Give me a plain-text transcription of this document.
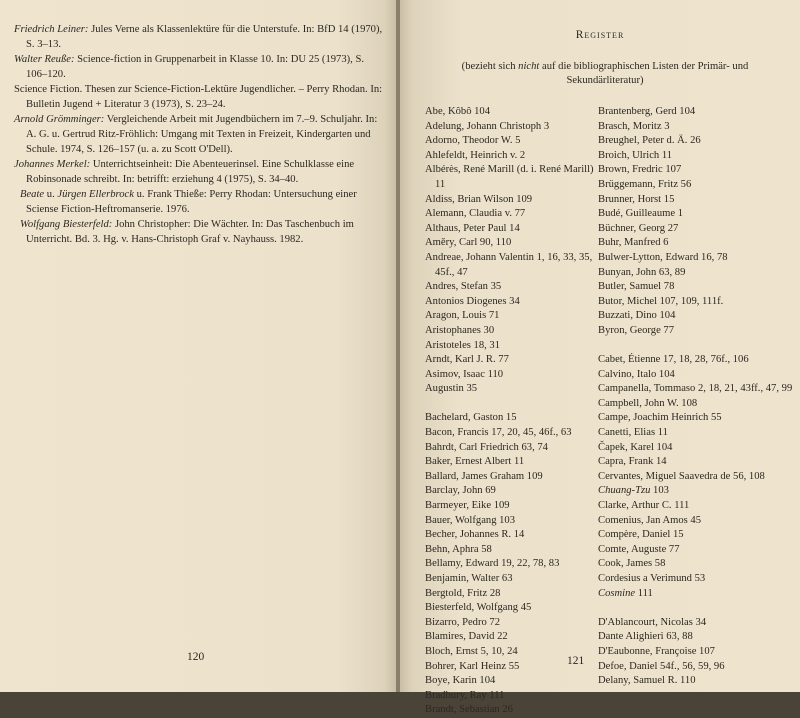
Friedrich Leiner: Jules Verne als Klassenlektüre für die Unterstufe. In: BfD 14 (1970), S. 3–13.

Walter Reuße: Science-fiction in Gruppenarbeit in Klasse 10. In: DU 25 (1973), S. 106–120.

Science Fiction. Thesen zur Science-Fiction-Lektüre Jugendlicher. – Perry Rhodan. In: Bulletin Jugend + Literatur 3 (1973), S. 23–24.

Arnold Grömminger: Vergleichende Arbeit mit Jugendbüchern im 7.–9. Schuljahr. In: A. G. u. Gertrud Ritz-Fröhlich: Umgang mit Texten in Freizeit, Kindergarten und Schule. 1974, S. 126–157 (u. a. zu Scott O'Dell).

Johannes Merkel: Unterrichtseinheit: Die Abenteuerinsel. Eine Schulklasse eine Robinsonade schreibt. In: betrifft: erziehung 4 (1975), S. 34–40.

Beate u. Jürgen Ellerbrock u. Frank Thieße: Perry Rhodan: Untersuchung einer Sciense Fiction-Heftromanserie. 1976.

Wolfgang Biesterfeld: John Christopher: Die Wächter. In: Das Taschenbuch im Unterricht. Bd. 3. Hg. v. Hans-Christoph Graf v. Nayhauss. 1982.

120
Register
(bezieht sich nicht auf die bibliographischen Listen der Primär- und Sekundärliteratur)
Abe, Kôbô 104
Adelung, Johann Christoph 3
Adorno, Theodor W. 5
Ahlefeldt, Heinrich v. 2
Albérès, René Marill (d. i. René Marill) 11
Aldiss, Brian Wilson 109
Alemann, Claudia v. 77
Althaus, Peter Paul 14
Aměry, Carl 90, 110
Andreae, Johann Valentin 1, 16, 33, 35, 45f., 47
Andres, Stefan 35
Antonios Diogenes 34
Aragon, Louis 71
Aristophanes 30
Aristoteles 18, 31
Arndt, Karl J. R. 77
Asimov, Isaac 110
Augustin 35
Bachelard, Gaston 15
Bacon, Francis 17, 20, 45, 46f., 63
Bahrdt, Carl Friedrich 63, 74
Baker, Ernest Albert 11
Ballard, James Graham 109
Barclay, John 69
Barmeyer, Eike 109
Bauer, Wolfgang 103
Becher, Johannes R. 14
Behn, Aphra 58
Bellamy, Edward 19, 22, 78, 83
Benjamin, Walter 63
Bergtold, Fritz 28
Biesterfeld, Wolfgang 45
Bizarro, Pedro 72
Blamires, David 22
Bloch, Ernst 5, 10, 24
Bohrer, Karl Heinz 55
Boye, Karin 104
Bradbury, Ray 111
Brandt, Sebastian 26
Brantenberg, Gerd 104
Brasch, Moritz 3
Breughel, Peter d. Ä. 26
Broich, Ulrich 11
Brown, Fredric 107
Brüggemann, Fritz 56
Brunner, Horst 15
Budé, Guilleaume 1
Büchner, Georg 27
Buhr, Manfred 6
Bulwer-Lytton, Edward 16, 78
Bunyan, John 63, 89
Butler, Samuel 78
Butor, Michel 107, 109, 111f.
Buzzati, Dino 104
Byron, George 77
Cabet, Étienne 17, 18, 28, 76f., 106
Calvino, Italo 104
Campanella, Tommaso 2, 18, 21, 43ff., 47, 99
Campbell, John W. 108
Campe, Joachim Heinrich 55
Canetti, Elias 11
Čapek, Karel 104
Capra, Frank 14
Cervantes, Miguel Saavedra de 56, 108
Chuang-Tzu 103
Clarke, Arthur C. 111
Comenius, Jan Amos 45
Compère, Daniel 15
Comte, Auguste 77
Cook, James 58
Cordesius a Verimund 53
Cosmine 111
D'Ablancourt, Nicolas 34
Dante Alighieri 63, 88
D'Eaubonne, Françoise 107
Defoe, Daniel 54f., 56, 59, 96
Delany, Samuel R. 110
121
